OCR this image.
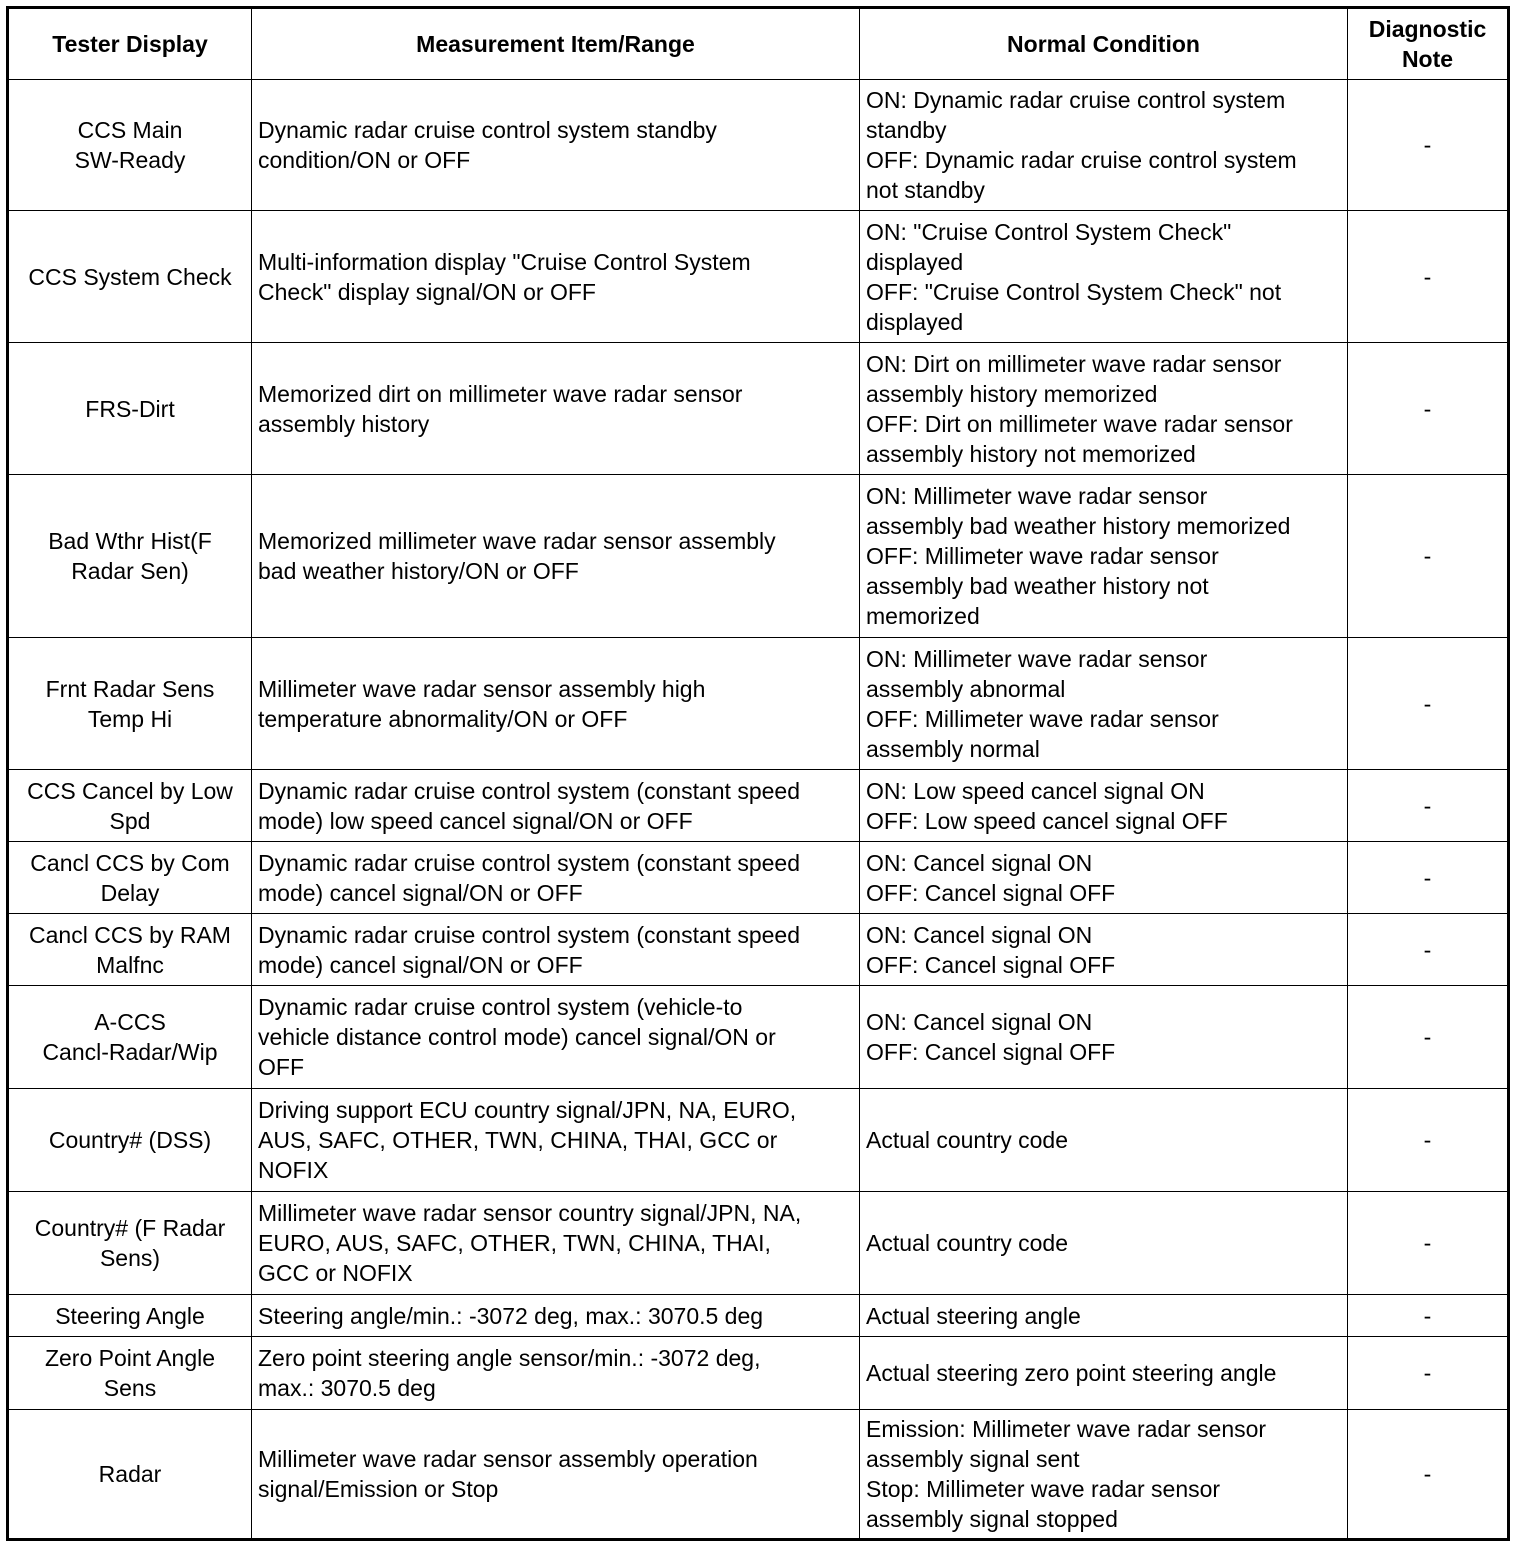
Tester Display	Measurement Item/Range	Normal Condition	Diagnostic
Note

CCS Main
SW-Ready	Dynamic radar cruise control system standby
condition/ON or OFF	ON: Dynamic radar cruise control system
standby
OFF: Dynamic radar cruise control system
not standby	-

CCS System Check	Multi-information display "Cruise Control System
Check" display signal/ON or OFF	ON: "Cruise Control System Check"
displayed
OFF: "Cruise Control System Check" not
displayed	-

FRS-Dirt	Memorized dirt on millimeter wave radar sensor
assembly history	ON: Dirt on millimeter wave radar sensor
assembly history memorized
OFF: Dirt on millimeter wave radar sensor
assembly history not memorized	-

Bad Wthr Hist(F
Radar Sen)	Memorized millimeter wave radar sensor assembly
bad weather history/ON or OFF	ON: Millimeter wave radar sensor
assembly bad weather history memorized
OFF: Millimeter wave radar sensor
assembly bad weather history not
memorized	-

Frnt Radar Sens
Temp Hi	Millimeter wave radar sensor assembly high
temperature abnormality/ON or OFF	ON: Millimeter wave radar sensor
assembly abnormal
OFF: Millimeter wave radar sensor
assembly normal	-

CCS Cancel by Low
Spd	Dynamic radar cruise control system (constant speed
mode) low speed cancel signal/ON or OFF	ON: Low speed cancel signal ON
OFF: Low speed cancel signal OFF	-

Cancl CCS by Com
Delay	Dynamic radar cruise control system (constant speed
mode) cancel signal/ON or OFF	ON: Cancel signal ON
OFF: Cancel signal OFF	-

Cancl CCS by RAM
Malfnc	Dynamic radar cruise control system (constant speed
mode) cancel signal/ON or OFF	ON: Cancel signal ON
OFF: Cancel signal OFF	-

A-CCS
Cancl-Radar/Wip	Dynamic radar cruise control system (vehicle-to
vehicle distance control mode) cancel signal/ON or
OFF	ON: Cancel signal ON
OFF: Cancel signal OFF	-

Country# (DSS)	Driving support ECU country signal/JPN, NA, EURO,
AUS, SAFC, OTHER, TWN, CHINA, THAI, GCC or
NOFIX	Actual country code	-

Country# (F Radar
Sens)	Millimeter wave radar sensor country signal/JPN, NA,
EURO, AUS, SAFC, OTHER, TWN, CHINA, THAI,
GCC or NOFIX	Actual country code	-

Steering Angle	Steering angle/min.: -3072 deg, max.: 3070.5 deg	Actual steering angle	-

Zero Point Angle
Sens	Zero point steering angle sensor/min.: -3072 deg,
max.: 3070.5 deg	Actual steering zero point steering angle	-

Radar	Millimeter wave radar sensor assembly operation
signal/Emission or Stop	Emission: Millimeter wave radar sensor
assembly signal sent
Stop: Millimeter wave radar sensor
assembly signal stopped	-
